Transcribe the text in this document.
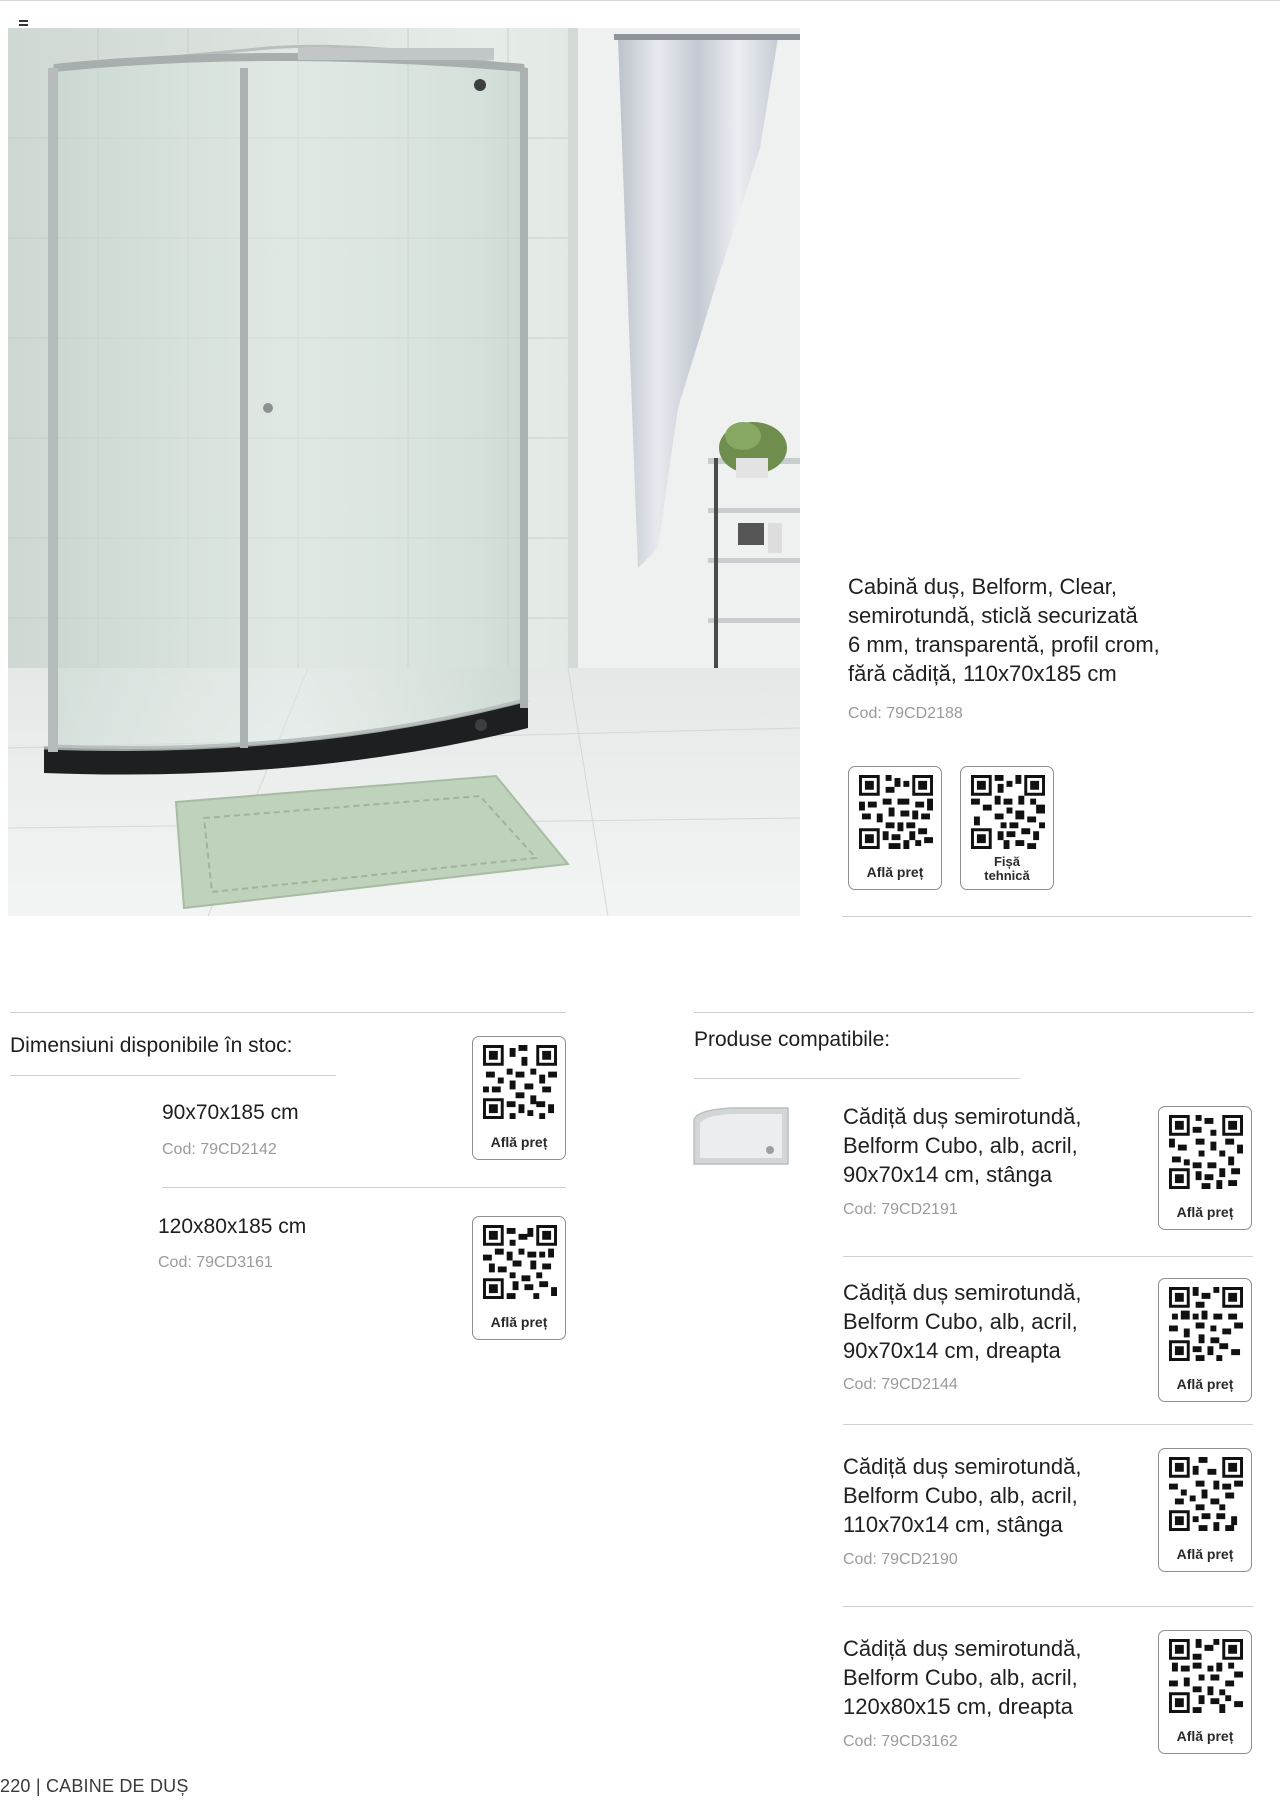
Cabină duș, Belform, Clear,
semirotundă, sticlă securizată
6 mm, transparentă, profil crom,
fără cădiță, 110x70x185 cm
Cod: 79CD2188
Află preț
Fișă
tehnică
Dimensiuni disponibile în stoc:
90x70x185 cm
Cod: 79CD2142	Află preț
120x80x185 cm
Cod: 79CD3161
Află preț
Produse compatibile:
Cădiță duș semirotundă,
Belform Cubo, alb, acril,
90x70x14 cm, stânga
Cod: 79CD2191	Află preț
Cădiță duș semirotundă,
Belform Cubo, alb, acril,
90x70x14 cm, dreapta
Cod: 79CD2144	Află preț
Cădiță duș semirotundă,
Belform Cubo, alb, acril,
110x70x14 cm, stânga
Cod: 79CD2190	Află preț
Cădiță duș semirotundă,
Belform Cubo, alb, acril,
120x80x15 cm, dreapta
Cod: 79CD3162	Află preț
220 | CABINE DE DUȘ
